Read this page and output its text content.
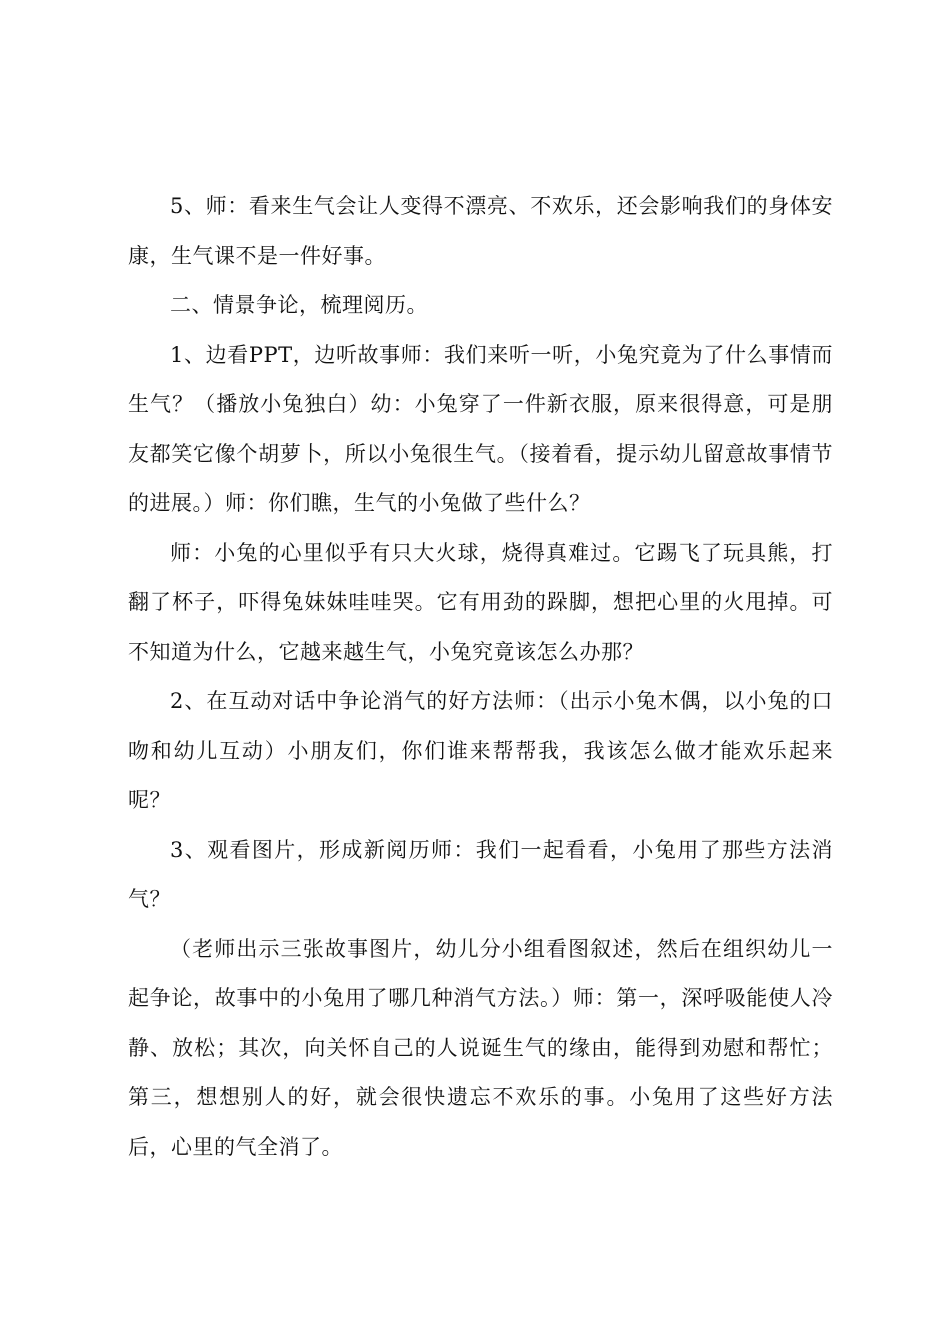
5、师：看来生气会让人变得不漂亮、不欢乐，还会影响我们的身体安康，生气课不是一件好事。

二、情景争论，梳理阅历。

1、边看PPT，边听故事师：我们来听一听，小兔究竟为了什么事情而生气？（播放小兔独白）幼：小兔穿了一件新衣服，原来很得意，可是朋友都笑它像个胡萝卜，所以小兔很生气。（接着看，提示幼儿留意故事情节的进展。）师：你们瞧，生气的小兔做了些什么？

师：小兔的心里似乎有只大火球，烧得真难过。它踢飞了玩具熊，打翻了杯子，吓得兔妹妹哇哇哭。它有用劲的跺脚，想把心里的火甩掉。可不知道为什么，它越来越生气，小兔究竟该怎么办那？

2、在互动对话中争论消气的好方法师：（出示小兔木偶，以小兔的口吻和幼儿互动）小朋友们，你们谁来帮帮我，我该怎么做才能欢乐起来呢？

3、观看图片，形成新阅历师：我们一起看看，小兔用了那些方法消气？

（老师出示三张故事图片，幼儿分小组看图叙述，然后在组织幼儿一起争论，故事中的小兔用了哪几种消气方法。）师：第一，深呼吸能使人冷静、放松；其次，向关怀自己的人说诞生气的缘由，能得到劝慰和帮忙；第三，想想别人的好，就会很快遗忘不欢乐的事。小兔用了这些好方法后，心里的气全消了。
